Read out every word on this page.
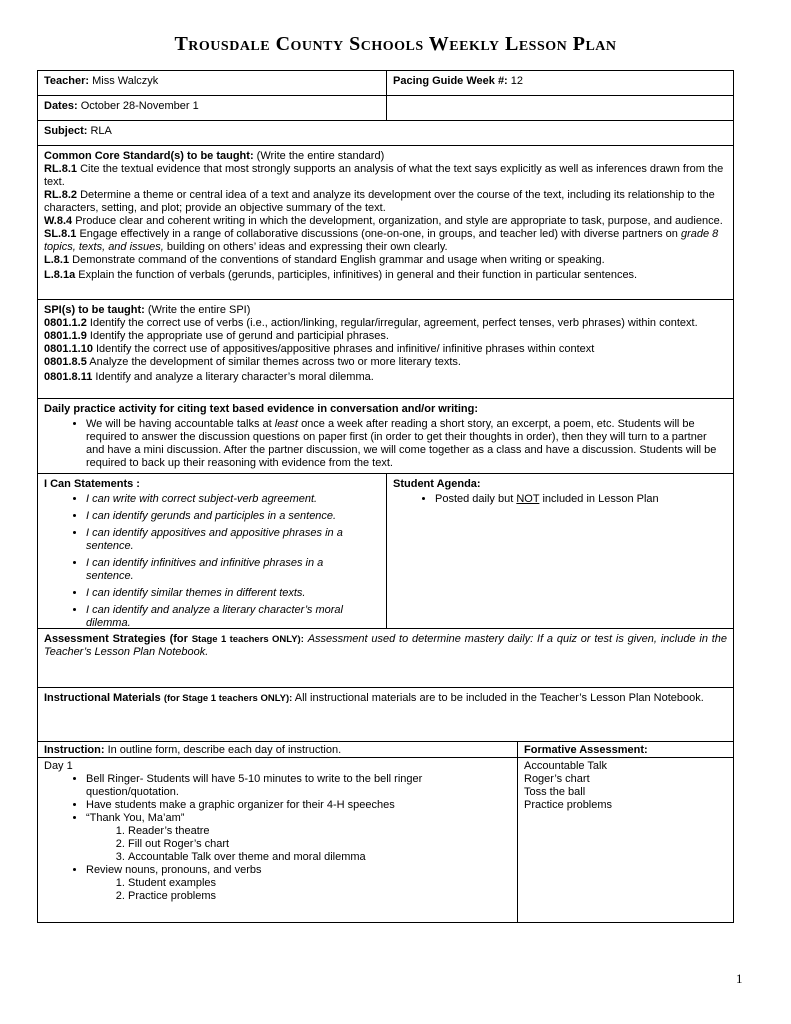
Trousdale County Schools Weekly Lesson Plan
Teacher: Miss Walczyk	Pacing Guide Week #: 12
Dates: October 28-November 1
Subject: RLA

Common Core Standard(s) to be taught: (Write the entire standard)

RL.8.1 Cite the textual evidence that most strongly supports an analysis of what the text says explicitly as well as inferences drawn from the text.

RL.8.2 Determine a theme or central idea of a text and analyze its development over the course of the text, including its relationship to the characters, setting, and plot; provide an objective summary of the text.

W.8.4 Produce clear and coherent writing in which the development, organization, and style are appropriate to task, purpose, and audience.

SL.8.1 Engage effectively in a range of collaborative discussions (one-on-one, in groups, and teacher led) with diverse partners on grade 8 topics, texts, and issues, building on others’ ideas and expressing their own clearly.

L.8.1 Demonstrate command of the conventions of standard English grammar and usage when writing or speaking.

L.8.1a Explain the function of verbals (gerunds, participles, infinitives) in general and their function in particular sentences.

SPI(s) to be taught: (Write the entire SPI)

0801.1.2 Identify the correct use of verbs (i.e., action/linking, regular/irregular, agreement, perfect tenses, verb phrases) within context.

0801.1.9 Identify the appropriate use of gerund and participial phrases.

0801.1.10 Identify the correct use of appositives/appositive phrases and infinitive/ infinitive phrases within context

0801.8.5 Analyze the development of similar themes across two or more literary texts.

0801.8.11 Identify and analyze a literary character’s moral dilemma.

Daily practice activity for citing text based evidence in conversation and/or writing:
• We will be having accountable talks at least once a week after reading a short story, an excerpt, a poem, etc. Students will be required to answer the discussion questions on paper first (in order to get their thoughts in order), then they will turn to a partner and have a mini discussion. After the partner discussion, we will come together as a class and have a discussion. Students will be required to back up their reasoning with evidence from the text.
I Can Statements :
• I can write with correct subject-verb agreement.
• I can identify gerunds and participles in a sentence.
• I can identify appositives and appositive phrases in a sentence.
• I can identify infinitives and infinitive phrases in a sentence.
• I can identify similar themes in different texts.
• I can identify and analyze a literary character’s moral dilemma.
Student Agenda:
• Posted daily but NOT included in Lesson Plan
Assessment Strategies (for Stage 1 teachers ONLY): Assessment used to determine mastery daily: If a quiz or test is given, include in the Teacher’s Lesson Plan Notebook.
Instructional Materials (for Stage 1 teachers ONLY): All instructional materials are to be included in the Teacher’s Lesson Plan Notebook.
Instruction: In outline form, describe each day of instruction.	Formative Assessment:
Day 1
• Bell Ringer- Students will have 5-10 minutes to write to the bell ringer question/quotation.
• Have students make a graphic organizer for their 4-H speeches
• “Thank You, Ma’am”
1. Reader’s theatre
2. Fill out Roger’s chart
3. Accountable Talk over theme and moral dilemma
• Review nouns, pronouns, and verbs
1. Student examples
2. Practice problems
Accountable Talk
Roger’s chart
Toss the ball
Practice problems
1
